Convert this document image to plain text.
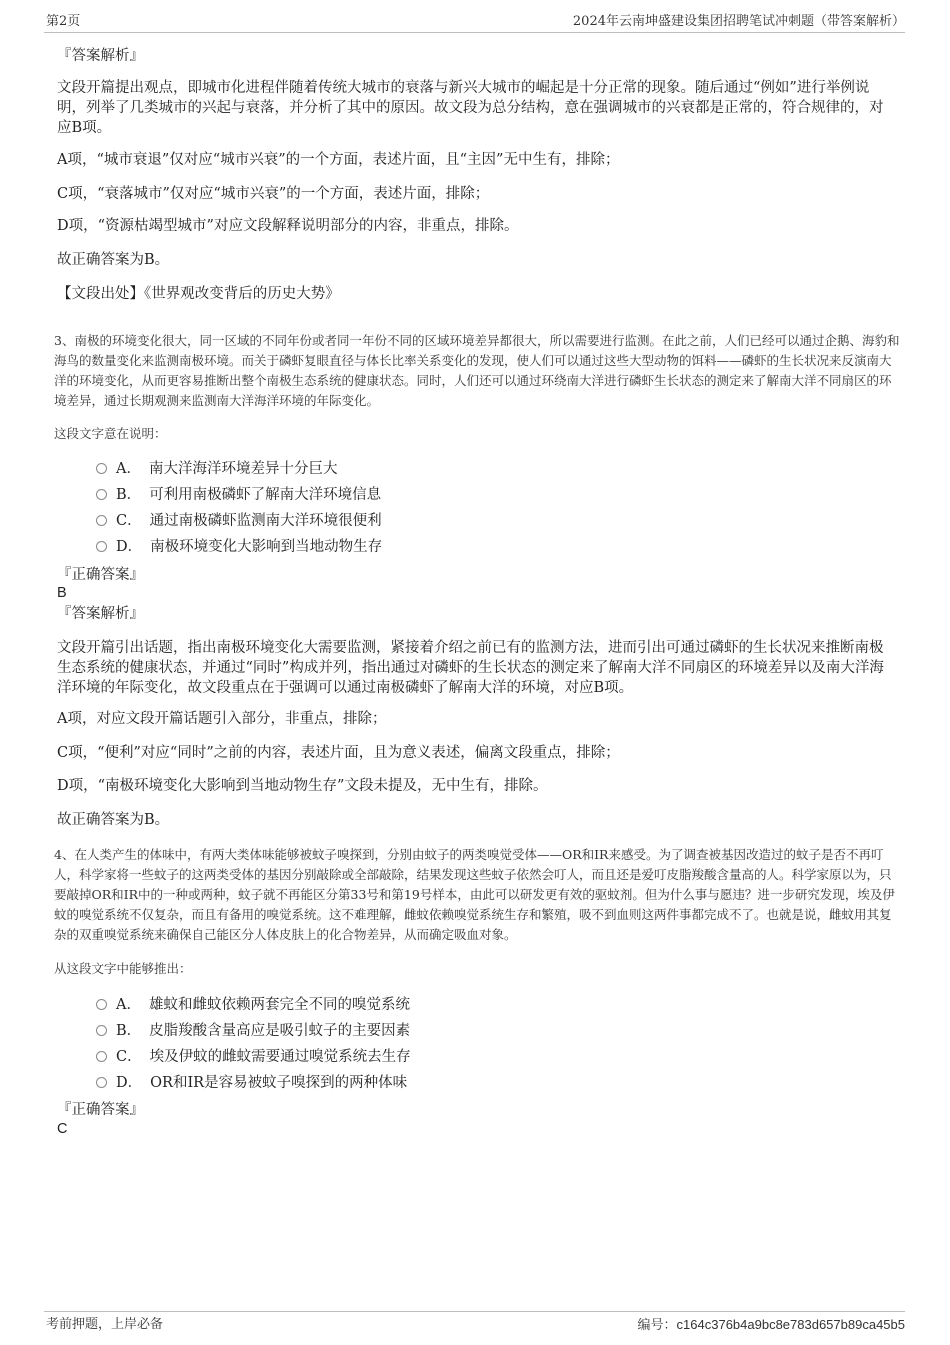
第2页	2024年云南坤盛建设集团招聘笔试冲刺题（带答案解析）
『答案解析』
文段开篇提出观点，即城市化进程伴随着传统大城市的衰落与新兴大城市的崛起是十分正常的现象。随后通过“例如”进行举例说明，列举了几类城市的兴起与衰落，并分析了其中的原因。故文段为总分结构，意在强调城市的兴衰都是正常的，符合规律的，对应B项。
A项，“城市衰退”仅对应“城市兴衰”的一个方面，表述片面，且“主因”无中生有，排除；
C项，“衰落城市”仅对应“城市兴衰”的一个方面，表述片面，排除；
D项，“资源枯竭型城市”对应文段解释说明部分的内容，非重点，排除。
故正确答案为B。
【文段出处】《世界观改变背后的历史大势》
3、南极的环境变化很大，同一区域的不同年份或者同一年份不同的区域环境差异都很大，所以需要进行监测。在此之前，人们已经可以通过企鹅、海豹和海鸟的数量变化来监测南极环境。而关于磷虾复眼直径与体长比率关系变化的发现，使人们可以通过这些大型动物的饵料——磷虾的生长状况来反演南大洋的环境变化，从而更容易推断出整个南极生态系统的健康状态。同时，人们还可以通过环绕南大洋进行磷虾生长状态的测定来了解南大洋不同扇区的环境差异，通过长期观测来监测南大洋海洋环境的年际变化。
这段文字意在说明：
A． 南大洋海洋环境差异十分巨大
B． 可利用南极磷虾了解南大洋环境信息
C． 通过南极磷虾监测南大洋环境很便利
D． 南极环境变化大影响到当地动物生存
『正确答案』
B
『答案解析』
文段开篇引出话题，指出南极环境变化大需要监测，紧接着介绍之前已有的监测方法，进而引出可通过磷虾的生长状况来推断南极生态系统的健康状态，并通过“同时”构成并列，指出通过对磷虾的生长状态的测定来了解南大洋不同扇区的环境差异以及南大洋海洋环境的年际变化，故文段重点在于强调可以通过南极磷虾了解南大洋的环境，对应B项。
A项，对应文段开篇话题引入部分，非重点，排除；
C项，“便利”对应“同时”之前的内容，表述片面，且为意义表述，偏离文段重点，排除；
D项，“南极环境变化大影响到当地动物生存”文段未提及，无中生有，排除。
故正确答案为B。
4、在人类产生的体味中，有两大类体味能够被蚊子嗅探到，分别由蚊子的两类嗅觉受体——OR和IR来感受。为了调查被基因改造过的蚊子是否不再叮人，科学家将一些蚊子的这两类受体的基因分别敲除或全部敲除，结果发现这些蚊子依然会叮人，而且还是爱叮皮脂羧酸含量高的人。科学家原以为，只要敲掉OR和IR中的一种或两种，蚊子就不再能区分第33号和第19号样本，由此可以研发更有效的驱蚊剂。但为什么事与愿违？进一步研究发现，埃及伊蚊的嗅觉系统不仅复杂，而且有备用的嗅觉系统。这不难理解，雌蚊依赖嗅觉系统生存和繁殖，吸不到血则这两件事都完成不了。也就是说，雌蚊用其复杂的双重嗅觉系统来确保自己能区分人体皮肤上的化合物差异，从而确定吸血对象。
从这段文字中能够推出：
A． 雄蚊和雌蚊依赖两套完全不同的嗅觉系统
B． 皮脂羧酸含量高应是吸引蚊子的主要因素
C． 埃及伊蚊的雌蚊需要通过嗅觉系统去生存
D． OR和IR是容易被蚊子嗅探到的两种体味
『正确答案』
C
考前押题，上岸必备	编号：c164c376b4a9bc8e783d657b89ca45b5
